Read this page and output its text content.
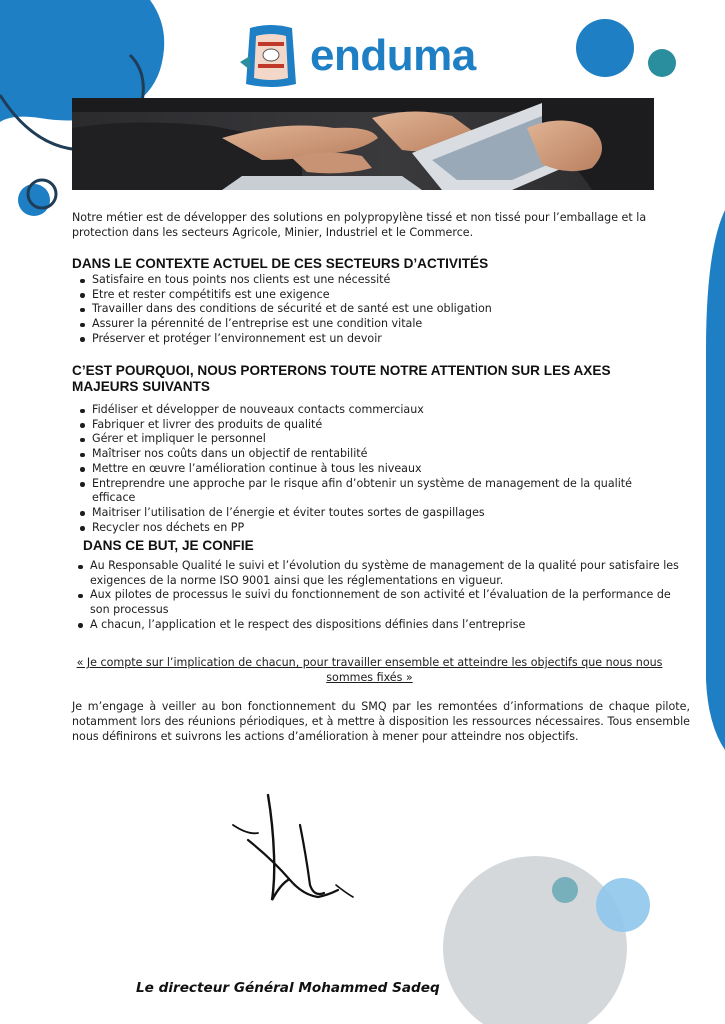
enduma
Notre métier est de développer des solutions en polypropylène tissé et non tissé pour l’emballage et la protection dans les secteurs Agricole, Minier, Industriel et le Commerce.
DANS LE CONTEXTE ACTUEL DE CES SECTEURS D’ACTIVITÉS
Satisfaire en tous points nos clients est une nécessité
Etre et rester compétitifs est une exigence
Travailler dans des conditions de sécurité et de santé est une obligation
Assurer la pérennité de l’entreprise est une condition vitale
Préserver et protéger l’environnement est un devoir
C’EST POURQUOI, NOUS PORTERONS TOUTE NOTRE ATTENTION SUR LES AXES MAJEURS SUIVANTS
Fidéliser et développer de nouveaux contacts commerciaux
Fabriquer et livrer des produits de qualité
Gérer et impliquer le personnel
Maîtriser nos coûts dans un objectif de rentabilité
Mettre en œuvre l’amélioration continue à tous les niveaux
Entreprendre une approche par le risque afin d’obtenir un système de management de la qualité efficace
Maitriser l’utilisation de l’énergie et éviter toutes sortes de gaspillages
Recycler nos déchets en PP
DANS CE BUT, JE CONFIE
Au Responsable Qualité le suivi et l’évolution du système de management de la qualité pour satisfaire les exigences de la norme ISO 9001 ainsi que les réglementations en vigueur.
Aux pilotes de processus le suivi du fonctionnement de son activité et l’évaluation de la performance de son processus
A chacun, l’application et le respect des dispositions définies dans l’entreprise
« Je compte sur l’implication de chacun, pour travailler ensemble et atteindre les objectifs que nous nous sommes fixés »
Je m’engage à veiller au bon fonctionnement du SMQ par les remontées d’informations de chaque pilote, notamment lors des réunions périodiques, et à mettre à disposition les ressources nécessaires. Tous ensemble nous définirons et suivrons les actions d’amélioration à mener pour atteindre nos objectifs.
Le directeur Général Mohammed Sadeq
